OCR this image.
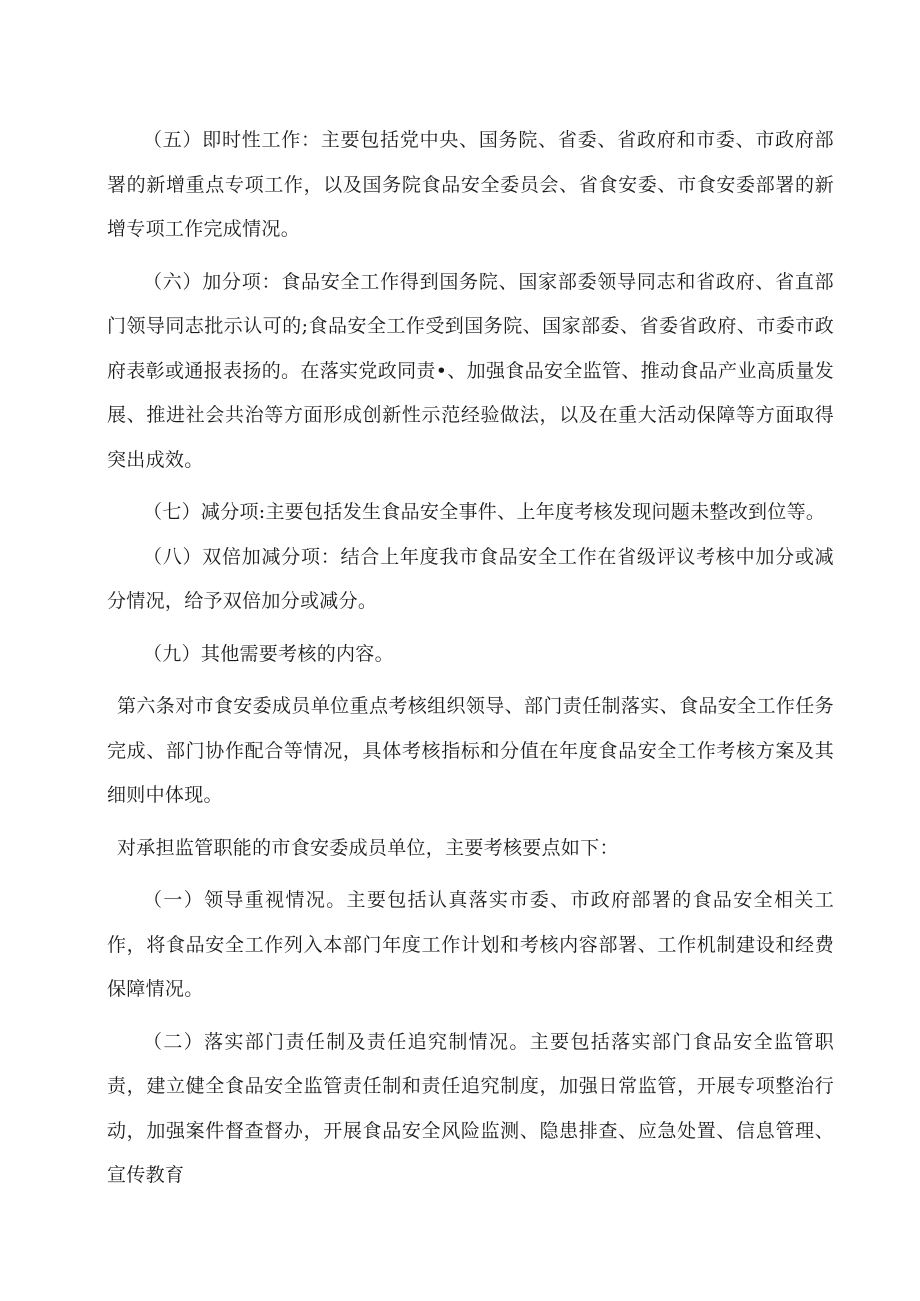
（五）即时性工作：主要包括党中央、国务院、省委、省政府和市委、市政府部署的新增重点专项工作，以及国务院食品安全委员会、省食安委、市食安委部署的新增专项工作完成情况。

（六）加分项：食品安全工作得到国务院、国家部委领导同志和省政府、省直部门领导同志批示认可的;食品安全工作受到国务院、国家部委、省委省政府、市委市政府表彰或通报表扬的。在落实党政同责•、加强食品安全监管、推动食品产业高质量发展、推进社会共治等方面形成创新性示范经验做法，以及在重大活动保障等方面取得突出成效。

（七）减分项:主要包括发生食品安全事件、上年度考核发现问题未整改到位等。

（八）双倍加减分项：结合上年度我市食品安全工作在省级评议考核中加分或减分情况，给予双倍加分或减分。

（九）其他需要考核的内容。

第六条对市食安委成员单位重点考核组织领导、部门责任制落实、食品安全工作任务完成、部门协作配合等情况，具体考核指标和分值在年度食品安全工作考核方案及其细则中体现。

对承担监管职能的市食安委成员单位，主要考核要点如下：

（一）领导重视情况。主要包括认真落实市委、市政府部署的食品安全相关工作，将食品安全工作列入本部门年度工作计划和考核内容部署、工作机制建设和经费保障情况。

（二）落实部门责任制及责任追究制情况。主要包括落实部门食品安全监管职责，建立健全食品安全监管责任制和责任追究制度，加强日常监管，开展专项整治行动，加强案件督查督办，开展食品安全风险监测、隐患排查、应急处置、信息管理、宣传教育
